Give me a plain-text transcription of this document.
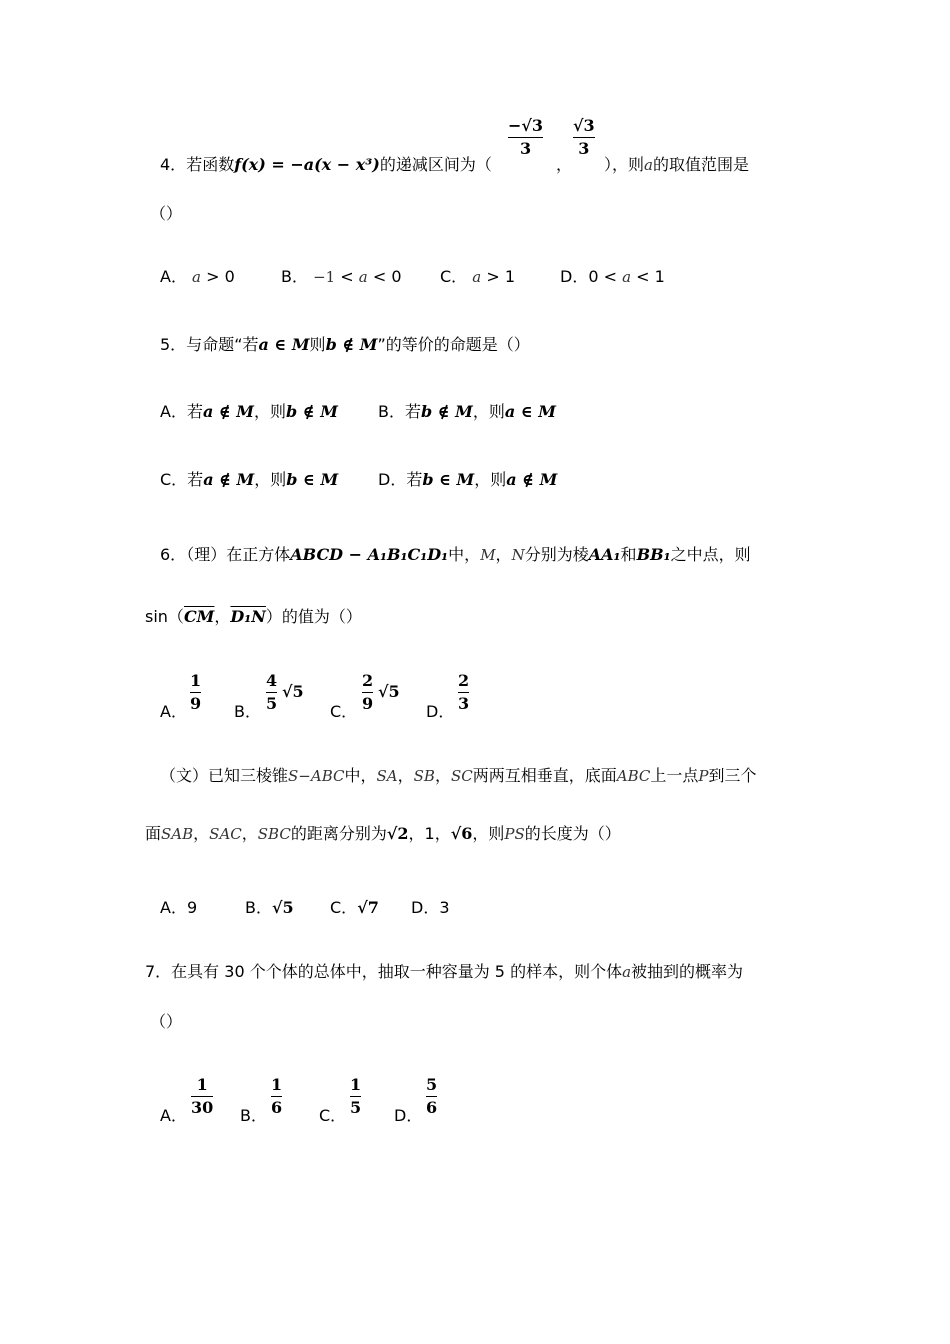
4．若函数f(x) = −a(x − x³)的递减区间为（
−√3
3
，
√3
3
），则a的取值范围是
（）
A． a > 0	B． −1 < a < 0 C． a > 1	D．0 < a < 1
5．与命题“若a ∈ M则b ∉ M”的等价的命题是（）
A．若a ∉ M，则b ∉ M	B．若b ∉ M，则a ∈ M
C．若a ∉ M，则b ∈ M D．若b ∈ M，则a ∉ M
6．（理）在正方体ABCD − A₁B₁C₁D₁中，M，N分别为棱AA₁和BB₁之中点，则
$\sin(\overline{CM}$，D₁N）的值为（）
A．
1
9 B．
4
5
√5
C．
2
9
√5
D．
2
3
（文）已知三棱锥S−ABC中，SA，SB，SC两两互相垂直，底面ABC上一点P到三个
面SAB，SAC，SBC的距离分别为√2，1，√6，则PS的长度为（）
A．9	B．√5 C．√7 D．3
7．在具有 30 个个体的总体中，抽取一种容量为 5 的样本，则个体a被抽到的概率为
（）
A．
1
30 B．
1
6 C．
1
5 D．
5
6
